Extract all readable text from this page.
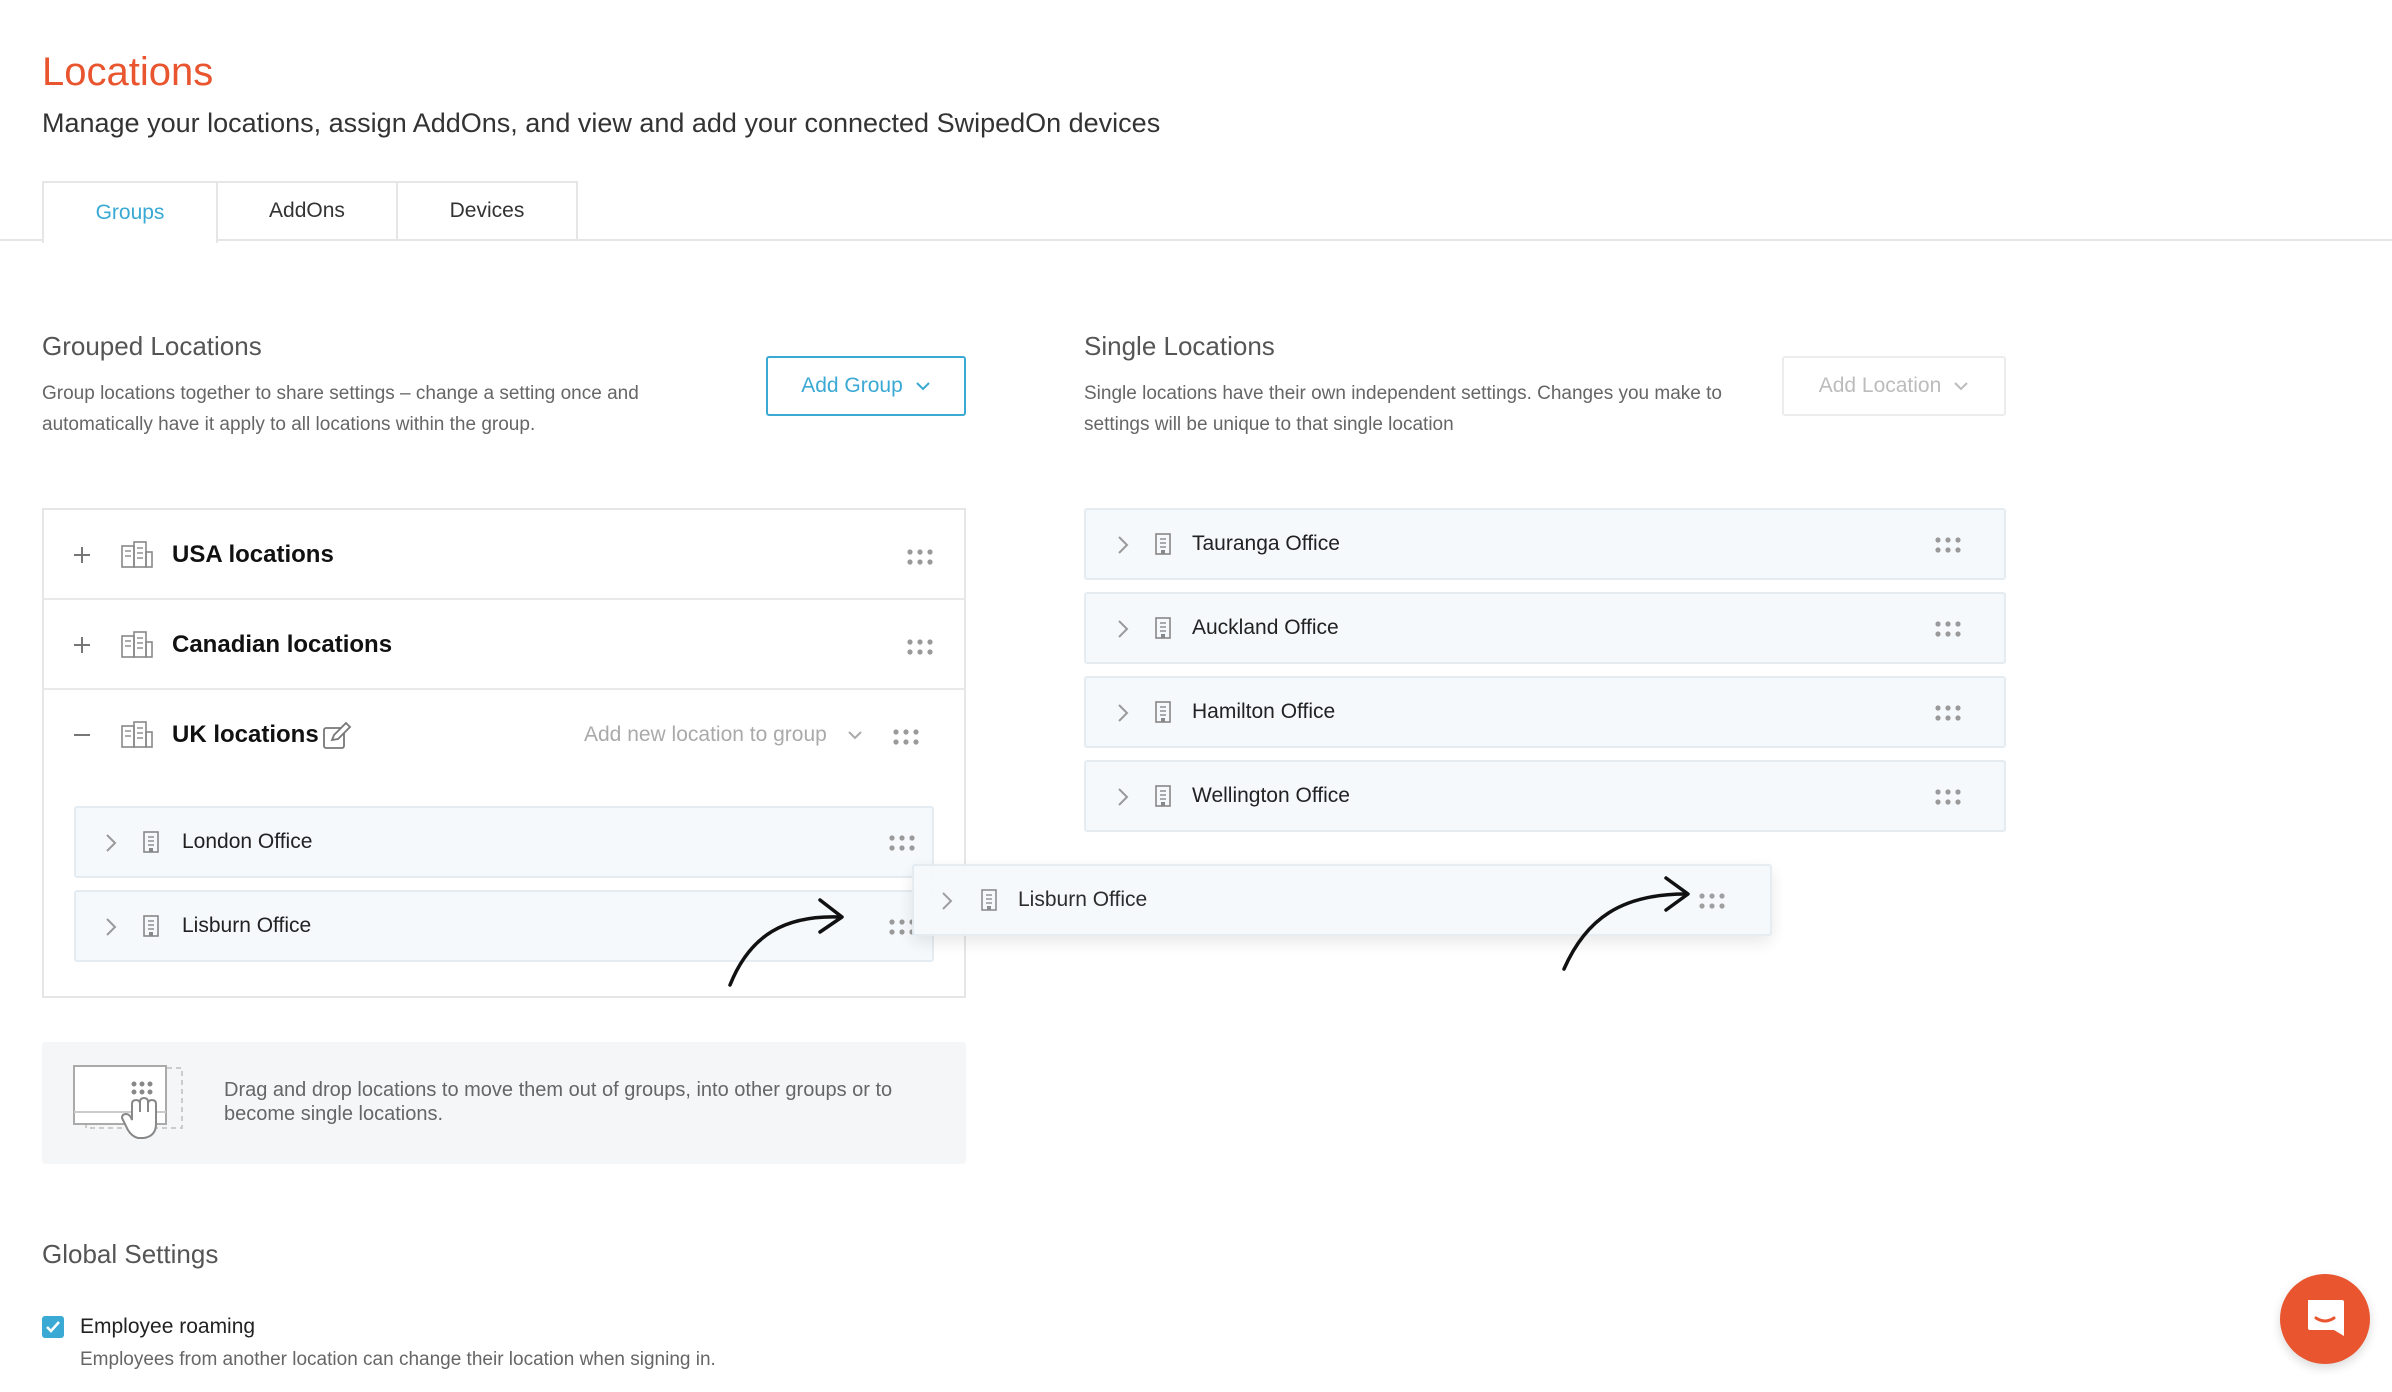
Locations
Manage your locations, assign AddOns, and view and add your connected SwipedOn devices
Groups	AddOns	Devices
Grouped Locations
Group locations together to share settings – change a setting once and automatically have it apply to all locations within the group.
Add Group
USA locations
Canadian locations
UK locations	Add new location to group
London Office
Lisburn Office
Single Locations
Single locations have their own independent settings. Changes you make to settings will be unique to that single location
Add Location
Tauranga Office
Auckland Office
Hamilton Office
Wellington Office
Lisburn Office
Drag and drop locations to move them out of groups, into other groups or to become single locations.
Global Settings
Employee roaming
Employees from another location can change their location when signing in.
